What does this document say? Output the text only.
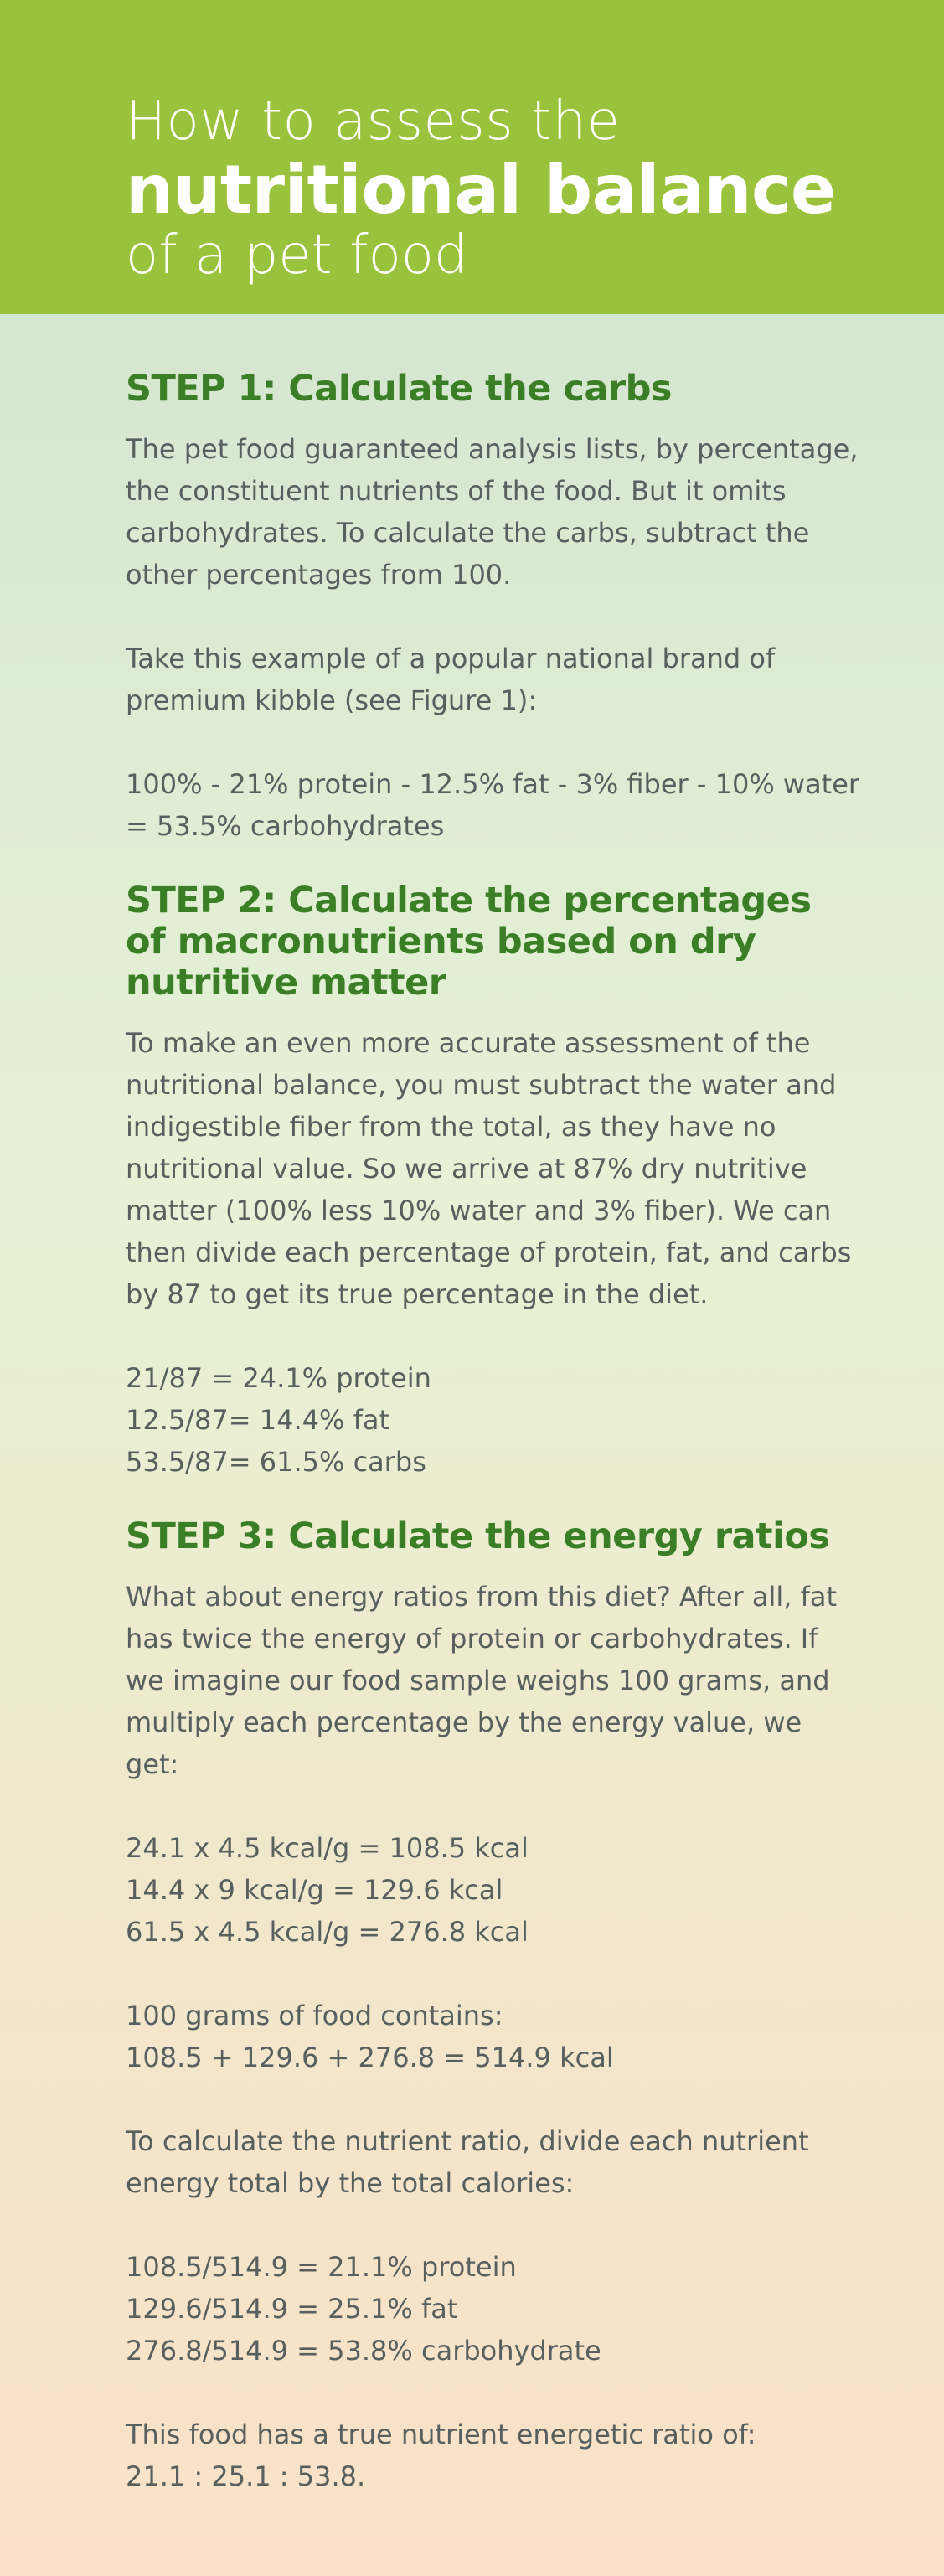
How to assess the
nutritional balance
of a pet food
STEP 1: Calculate the carbs

The pet food guaranteed analysis lists, by percentage, the constituent nutrients of the food. But it omits carbohydrates. To calculate the carbs, subtract the other percentages from 100.

Take this example of a popular national brand of premium kibble (see Figure 1):

100% - 21% protein - 12.5% fat - 3% fiber - 10% water

= 53.5% carbohydrates

STEP 2: Calculate the percentages
of macronutrients based on dry
nutritive matter

To make an even more accurate assessment of the nutritional balance, you must subtract the water and indigestible fiber from the total, as they have no nutritional value. So we arrive at 87% dry nutritive matter (100% less 10% water and 3% fiber). We can then divide each percentage of protein, fat, and carbs by 87 to get its true percentage in the diet.

21/87 = 24.1% protein

12.5/87= 14.4% fat

53.5/87= 61.5% carbs

STEP 3: Calculate the energy ratios

What about energy ratios from this diet? After all, fat has twice the energy of protein or carbohydrates. If we imagine our food sample weighs 100 grams, and multiply each percentage by the energy value, we get:

24.1 x 4.5 kcal/g = 108.5 kcal

14.4 x 9 kcal/g = 129.6 kcal

61.5 x 4.5 kcal/g = 276.8 kcal

100 grams of food contains:

108.5 + 129.6 + 276.8 = 514.9 kcal

To calculate the nutrient ratio, divide each nutrient energy total by the total calories:

108.5/514.9 = 21.1% protein

129.6/514.9 = 25.1% fat

276.8/514.9 = 53.8% carbohydrate

This food has a true nutrient energetic ratio of:

21.1 : 25.1 : 53.8.
